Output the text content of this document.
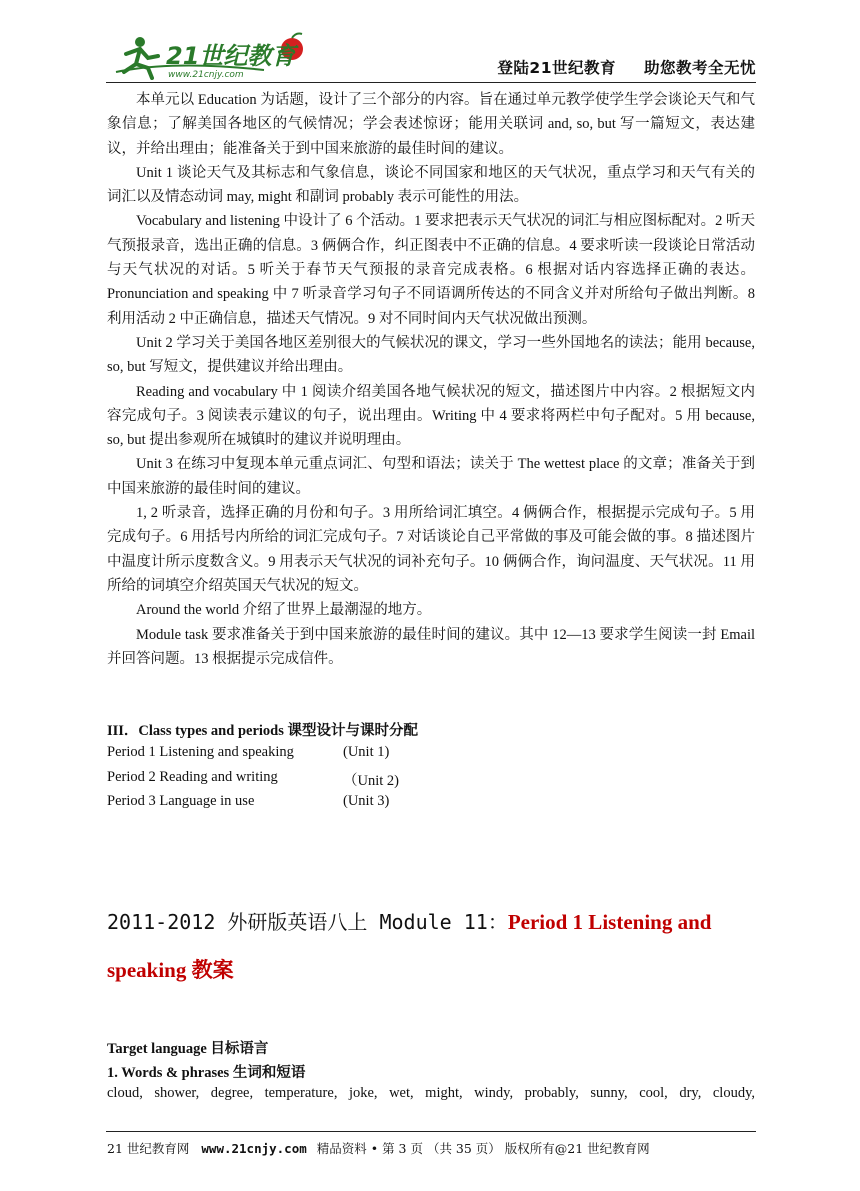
21世纪教育
www.21cnjy.com	登陆21世纪教育 助您教考全无忧

本单元以 Education 为话题，设计了三个部分的内容。旨在通过单元教学使学生学会谈论天气和气象信息；了解美国各地区的气候情况；学会表述惊讶；能用关联词 and, so, but 写一篇短文，表达建议，并给出理由；能准备关于到中国来旅游的最佳时间的建议。

Unit 1 谈论天气及其标志和气象信息，谈论不同国家和地区的天气状况，重点学习和天气有关的词汇以及情态动词 may, might 和副词 probably 表示可能性的用法。

Vocabulary and listening 中设计了 6 个活动。1 要求把表示天气状况的词汇与相应图标配对。2 听天气预报录音，选出正确的信息。3 俩俩合作，纠正图表中不正确的信息。4 要求听读一段谈论日常活动与天气状况的对话。5 听关于春节天气预报的录音完成表格。6 根据对话内容选择正确的表达。Pronunciation and speaking 中 7 听录音学习句子不同语调所传达的不同含义并对所给句子做出判断。8 利用活动 2 中正确信息，描述天气情况。9 对不同时间内天气状况做出预测。

Unit 2 学习关于美国各地区差别很大的气候状况的课文，学习一些外国地名的读法；能用 because, so, but 写短文，提供建议并给出理由。

Reading and vocabulary 中 1 阅读介绍美国各地气候状况的短文，描述图片中内容。2 根据短文内容完成句子。3 阅读表示建议的句子，说出理由。Writing 中 4 要求将两栏中句子配对。5 用 because, so, but 提出参观所在城镇时的建议并说明理由。

Unit 3 在练习中复现本单元重点词汇、句型和语法；读关于 The wettest place 的文章；准备关于到中国来旅游的最佳时间的建议。

1, 2 听录音，选择正确的月份和句子。3 用所给词汇填空。4 俩俩合作，根据提示完成句子。5 用完成句子。6 用括号内所给的词汇完成句子。7 对话谈论自己平常做的事及可能会做的事。8 描述图片中温度计所示度数含义。9 用表示天气状况的词补充句子。10 俩俩合作，询问温度、天气状况。11 用所给的词填空介绍英国天气状况的短文。

Around the world 介绍了世界上最潮湿的地方。

Module task 要求准备关于到中国来旅游的最佳时间的建议。其中 12—13 要求学生阅读一封 Email 并回答问题。13 根据提示完成信件。

III．Class types and periods 课型设计与课时分配

Period 1 Listening and speaking	(Unit 1)
Period 2 Reading and writing	（Unit 2)
Period 3 Language in use	(Unit 3)
2011-2012 外研版英语八上 Module 11：Period 1 Listening and speaking 教案
Target language 目标语言
1. Words & phrases 生词和短语
cloud, shower, degree, temperature, joke, wet, might, windy, probably, sunny, cool, dry, cloudy,
21 世纪教育网 www.21cnjy.com 精品资料 • 第 3 页 （共 35 页） 版权所有@21 世纪教育网
